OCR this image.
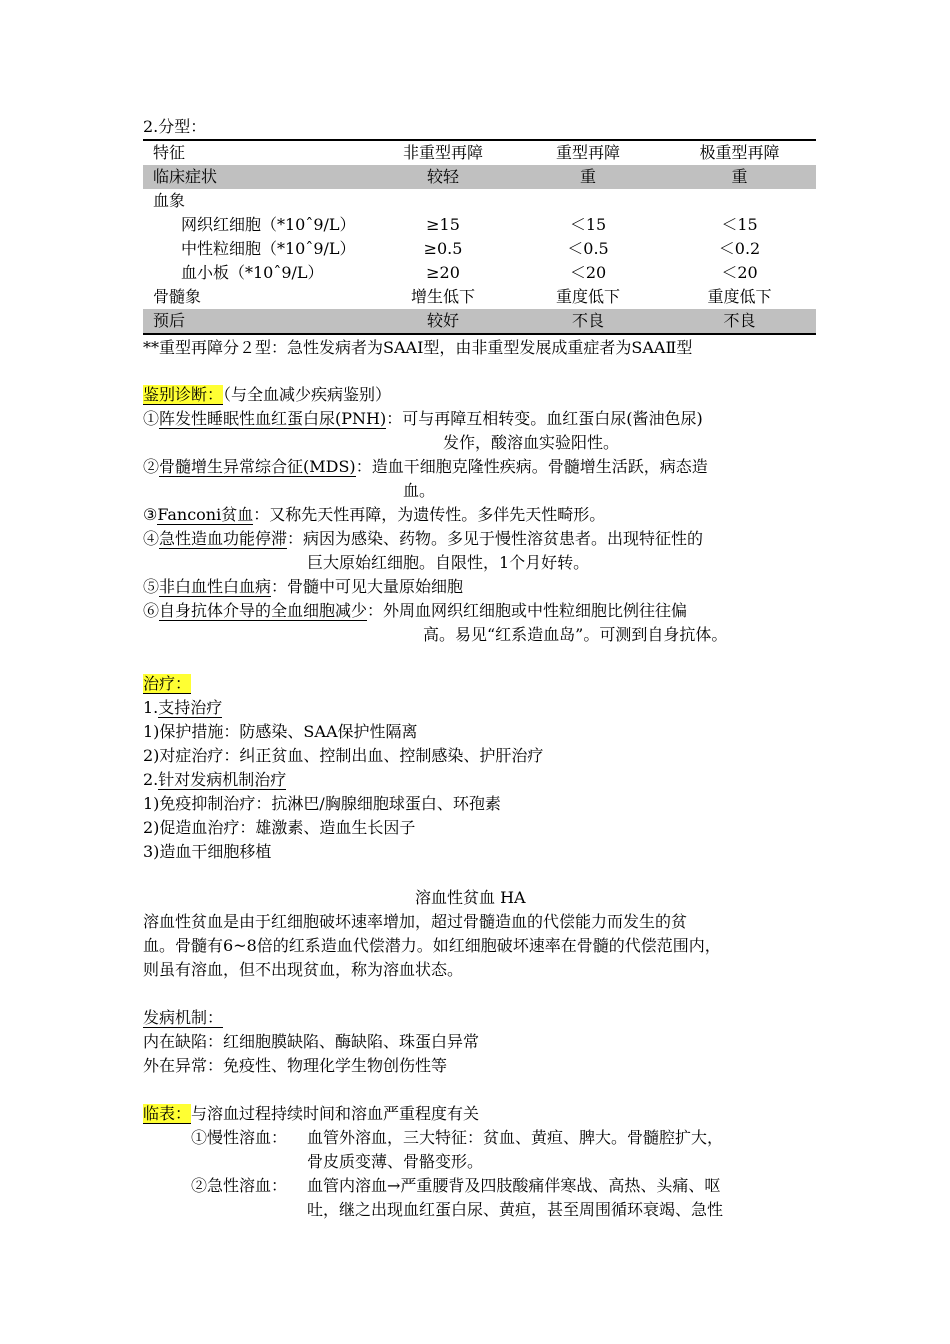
2.分型：
特征	非重型再障	重型再障	极重型再障
临床症状	较轻	重	重
血象			
网织红细胞（*10ˆ9/L）	≥15	＜15	＜15
中性粒细胞（*10ˆ9/L）	≥0.5	＜0.5	＜0.2
血小板（*10ˆ9/L）	≥20	＜20	＜20
骨髓象	增生低下	重度低下	重度低下
预后	较好	不良	不良
**重型再障分２型：急性发病者为SAAⅠ型，由非重型发展成重症者为SAAⅡ型
鉴别诊断：（与全血减少疾病鉴别）
①阵发性睡眠性血红蛋白尿(PNH)：可与再障互相转变。血红蛋白尿(酱油色尿)
发作，酸溶血实验阳性。
②骨髓增生异常综合征(MDS)：造血干细胞克隆性疾病。骨髓增生活跃，病态造
血。
③Fanconi贫血：又称先天性再障，为遗传性。多伴先天性畸形。
④急性造血功能停滞：病因为感染、药物。多见于慢性溶贫患者。出现特征性的
巨大原始红细胞。自限性，1个月好转。
⑤非白血性白血病：骨髓中可见大量原始细胞
⑥自身抗体介导的全血细胞减少：外周血网织红细胞或中性粒细胞比例往往偏
高。易见“红系造血岛”。可测到自身抗体。
治疗：
1.支持治疗
1)保护措施：防感染、SAA保护性隔离
2)对症治疗：纠正贫血、控制出血、控制感染、护肝治疗
2.针对发病机制治疗
1)免疫抑制治疗：抗淋巴/胸腺细胞球蛋白、环孢素
2)促造血治疗：雄激素、造血生长因子
3)造血干细胞移植
溶血性贫血 HA
溶血性贫血是由于红细胞破坏速率增加，超过骨髓造血的代偿能力而发生的贫
血。骨髓有6~8倍的红系造血代偿潜力。如红细胞破坏速率在骨髓的代偿范围内，
则虽有溶血，但不出现贫血，称为溶血状态。
发病机制：
内在缺陷：红细胞膜缺陷、酶缺陷、珠蛋白异常
外在异常：免疫性、物理化学生物创伤性等
临表：与溶血过程持续时间和溶血严重程度有关
①慢性溶血： 血管外溶血，三大特征：贫血、黄疸、脾大。骨髓腔扩大，
骨皮质变薄、骨骼变形。
②急性溶血： 血管内溶血→严重腰背及四肢酸痛伴寒战、高热、头痛、呕
吐，继之出现血红蛋白尿、黄疸，甚至周围循环衰竭、急性
